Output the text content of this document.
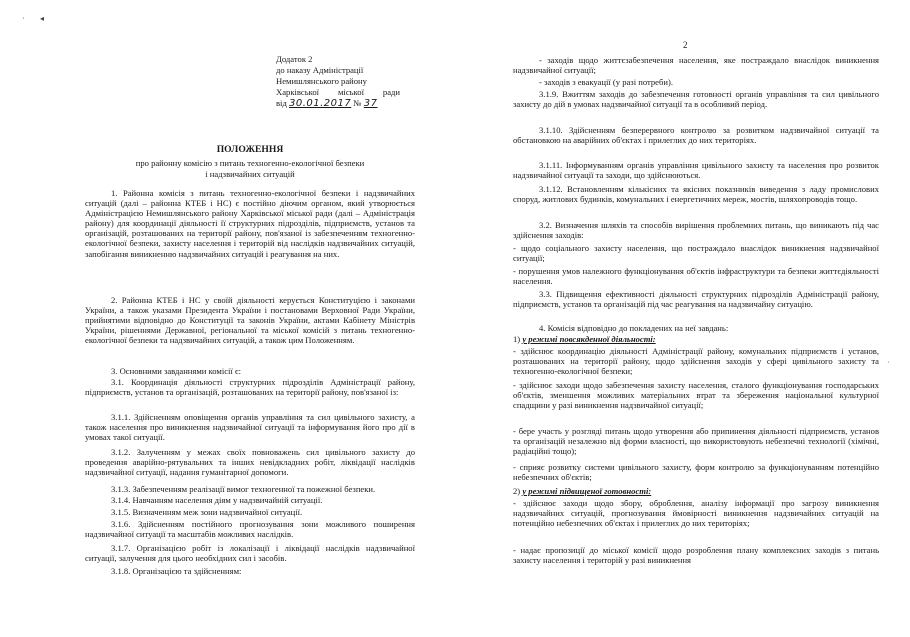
· ◂
Додаток 2
до наказу Адміністрації
Немишлянського району
Харківської міської ради
від 30.01.2017 № 37
ПОЛОЖЕННЯ
про районну комісію з питань техногенно-екологічної безпеки
і надзвичайних ситуацій

1. Районна комісія з питань техногенно-екологічної безпеки і надзвичайних ситуацій (далі – районна КТЕБ і НС) є постійно діючим органом, який утворюється Адміністрацією Немишлянського району Харківської міської ради (далі – Адміністрація району) для координації діяльності її структурних підрозділів, підприємств, установ та організацій, розташованих на території району, пов'язаної із забезпеченням техногенно-екологічної безпеки, захисту населення і територій від наслідків надзвичайних ситуацій, запобігання виникненню надзвичайних ситуацій і реагування на них.

2. Районна КТЕБ і НС у своїй діяльності керується Конституцією і законами України, а також указами Президента України і постановами Верховної Ради України, прийнятими відповідно до Конституції та законів України, актами Кабінету Міністрів України, рішеннями Державної, регіональної та міської комісій з питань техногенно-екологічної безпеки та надзвичайних ситуацій, а також цим Положенням.

3. Основними завданнями комісії є:

3.1. Координація діяльності структурних підрозділів Адміністрації району, підприємств, установ та організацій, розташованих на території району, пов'язаної із:

3.1.1. Здійсненням оповіщення органів управління та сил цивільного захисту, а також населення про виникнення надзвичайної ситуації та інформування його про дії в умовах такої ситуації.

3.1.2. Залученням у межах своїх повноважень сил цивільного захисту до проведення аварійно-рятувальних та інших невідкладних робіт, ліквідації наслідків надзвичайної ситуації, надання гуманітарної допомоги.

3.1.3. Забезпеченням реалізації вимог техногенної та пожежної безпеки.

3.1.4. Навчанням населення діям у надзвичайній ситуації.

3.1.5. Визначенням меж зони надзвичайної ситуації.

3.1.6. Здійсненням постійного прогнозування зони можливого поширення надзвичайної ситуації та масштабів можливих наслідків.

3.1.7. Організацією робіт із локалізації і ліквідації наслідків надзвичайної ситуації, залучення для цього необхідних сил і засобів.

3.1.8. Організацією та здійсненням:

2
·

- заходів щодо життєзабезпечення населення, яке постраждало внаслідок виникнення надзвичайної ситуації;

- заходів з евакуації (у разі потреби).

3.1.9. Вжиттям заходів до забезпечення готовності органів управління та сил цивільного захисту до дій в умовах надзвичайної ситуації та в особливий період.

3.1.10. Здійсненням безперервного контролю за розвитком надзвичайної ситуації та обстановкою на аварійних об'єктах і прилеглих до них територіях.

3.1.11. Інформуванням органів управління цивільного захисту та населення про розвиток надзвичайної ситуації та заходи, що здійснюються.

3.1.12. Встановленням кількісних та якісних показників виведення з ладу промислових споруд, житлових будинків, комунальних і енергетичних мереж, мостів, шляхопроводів тощо.

3.2. Визначення шляхів та способів вирішення проблемних питань, що виникають під час здійснення заходів:

- щодо соціального захисту населення, що постраждало внаслідок виникнення надзвичайної ситуації;

- порушення умов належного функціонування об'єктів інфраструктури та безпеки життєдіяльності населення.

3.3. Підвищення ефективності діяльності структурних підрозділів Адміністрації району, підприємств, установ та організацій під час реагування на надзвичайну ситуацію.

4. Комісія відповідно до покладених на неї завдань:

1) у режимі повсякденної діяльності:

- здійснює координацію діяльності Адміністрації району, комунальних підприємств і установ, розташованих на території району, щодо здійснення заходів у сфері цивільного захисту та техногенно-екологічної безпеки;

- здійснює заходи щодо забезпечення захисту населення, сталого функціонування господарських об'єктів, зменшення можливих матеріальних втрат та збереження національної культурної спадщини у разі виникнення надзвичайної ситуації;

- бере участь у розгляді питань щодо утворення або припинення діяльності підприємств, установ та організацій незалежно від форми власності, що використовують небезпечні технології (хімічні, радіаційні тощо);

- сприяє розвитку системи цивільного захисту, форм контролю за функціонуванням потенційно небезпечних об'єктів;

2) у режимі підвищеної готовності:

- здійснює заходи щодо збору, оброблення, аналізу інформації про загрозу виникнення надзвичайних ситуацій, прогнозування ймовірності виникнення надзвичайних ситуацій на потенційно небезпечних об'єктах і прилеглих до них територіях;

- надає пропозиції до міської комісії щодо розроблення плану комплексних заходів з питань захисту населення і територій у разі виникнення
